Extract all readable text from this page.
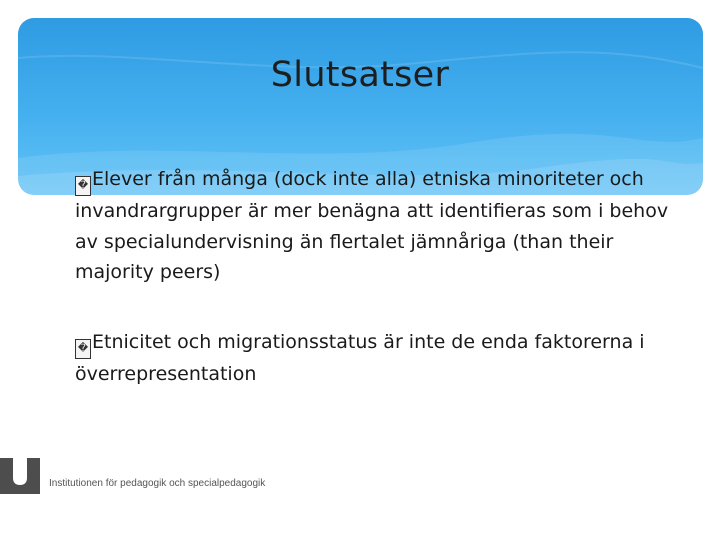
Slutsatser
� Elever från många (dock inte alla) etniska minoriteter och invandrargrupper är mer benägna att identifieras som i behov av specialundervisning än flertalet jämnåriga (than their majority peers)
� Etnicitet och migrationsstatus är inte de enda faktorerna i överrepresentation
Institutionen för pedagogik och specialpedagogik
